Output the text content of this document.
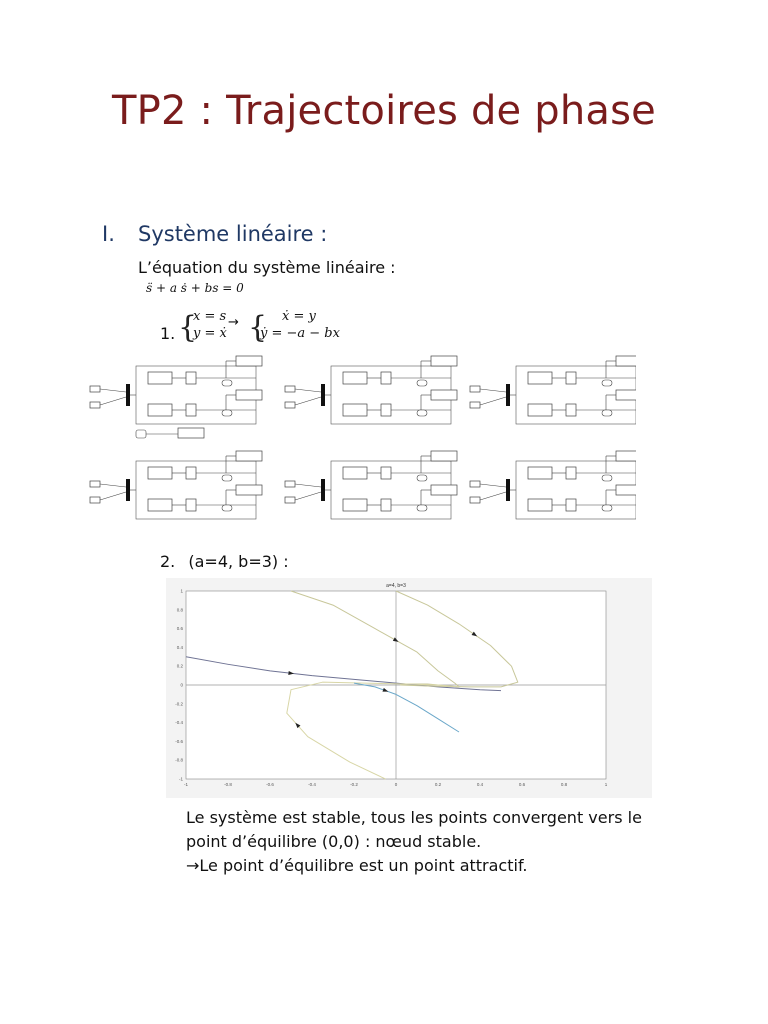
TP2 : Trajectoires de phase
I. Système linéaire :
L’équation du système linéaire :
s̈ + a ṡ + bs = 0
1. {
x = s
y = ẋ
→ {	ẋ = y
ẏ = −a − bx
2. (a=4, b=3) :
a=4, b=3
-1	-0.8	-0.6	-0.4	-0.2	0	0.2	0.4	0.6	0.8	1
1
0.8
0.6
0.4
0.2
0
-0.2
-0.4
-0.6
-0.8
-1
Le système est stable, tous les points convergent vers le
point d’équilibre (0,0) : nœud stable.
→Le point d’équilibre est un point attractif.
